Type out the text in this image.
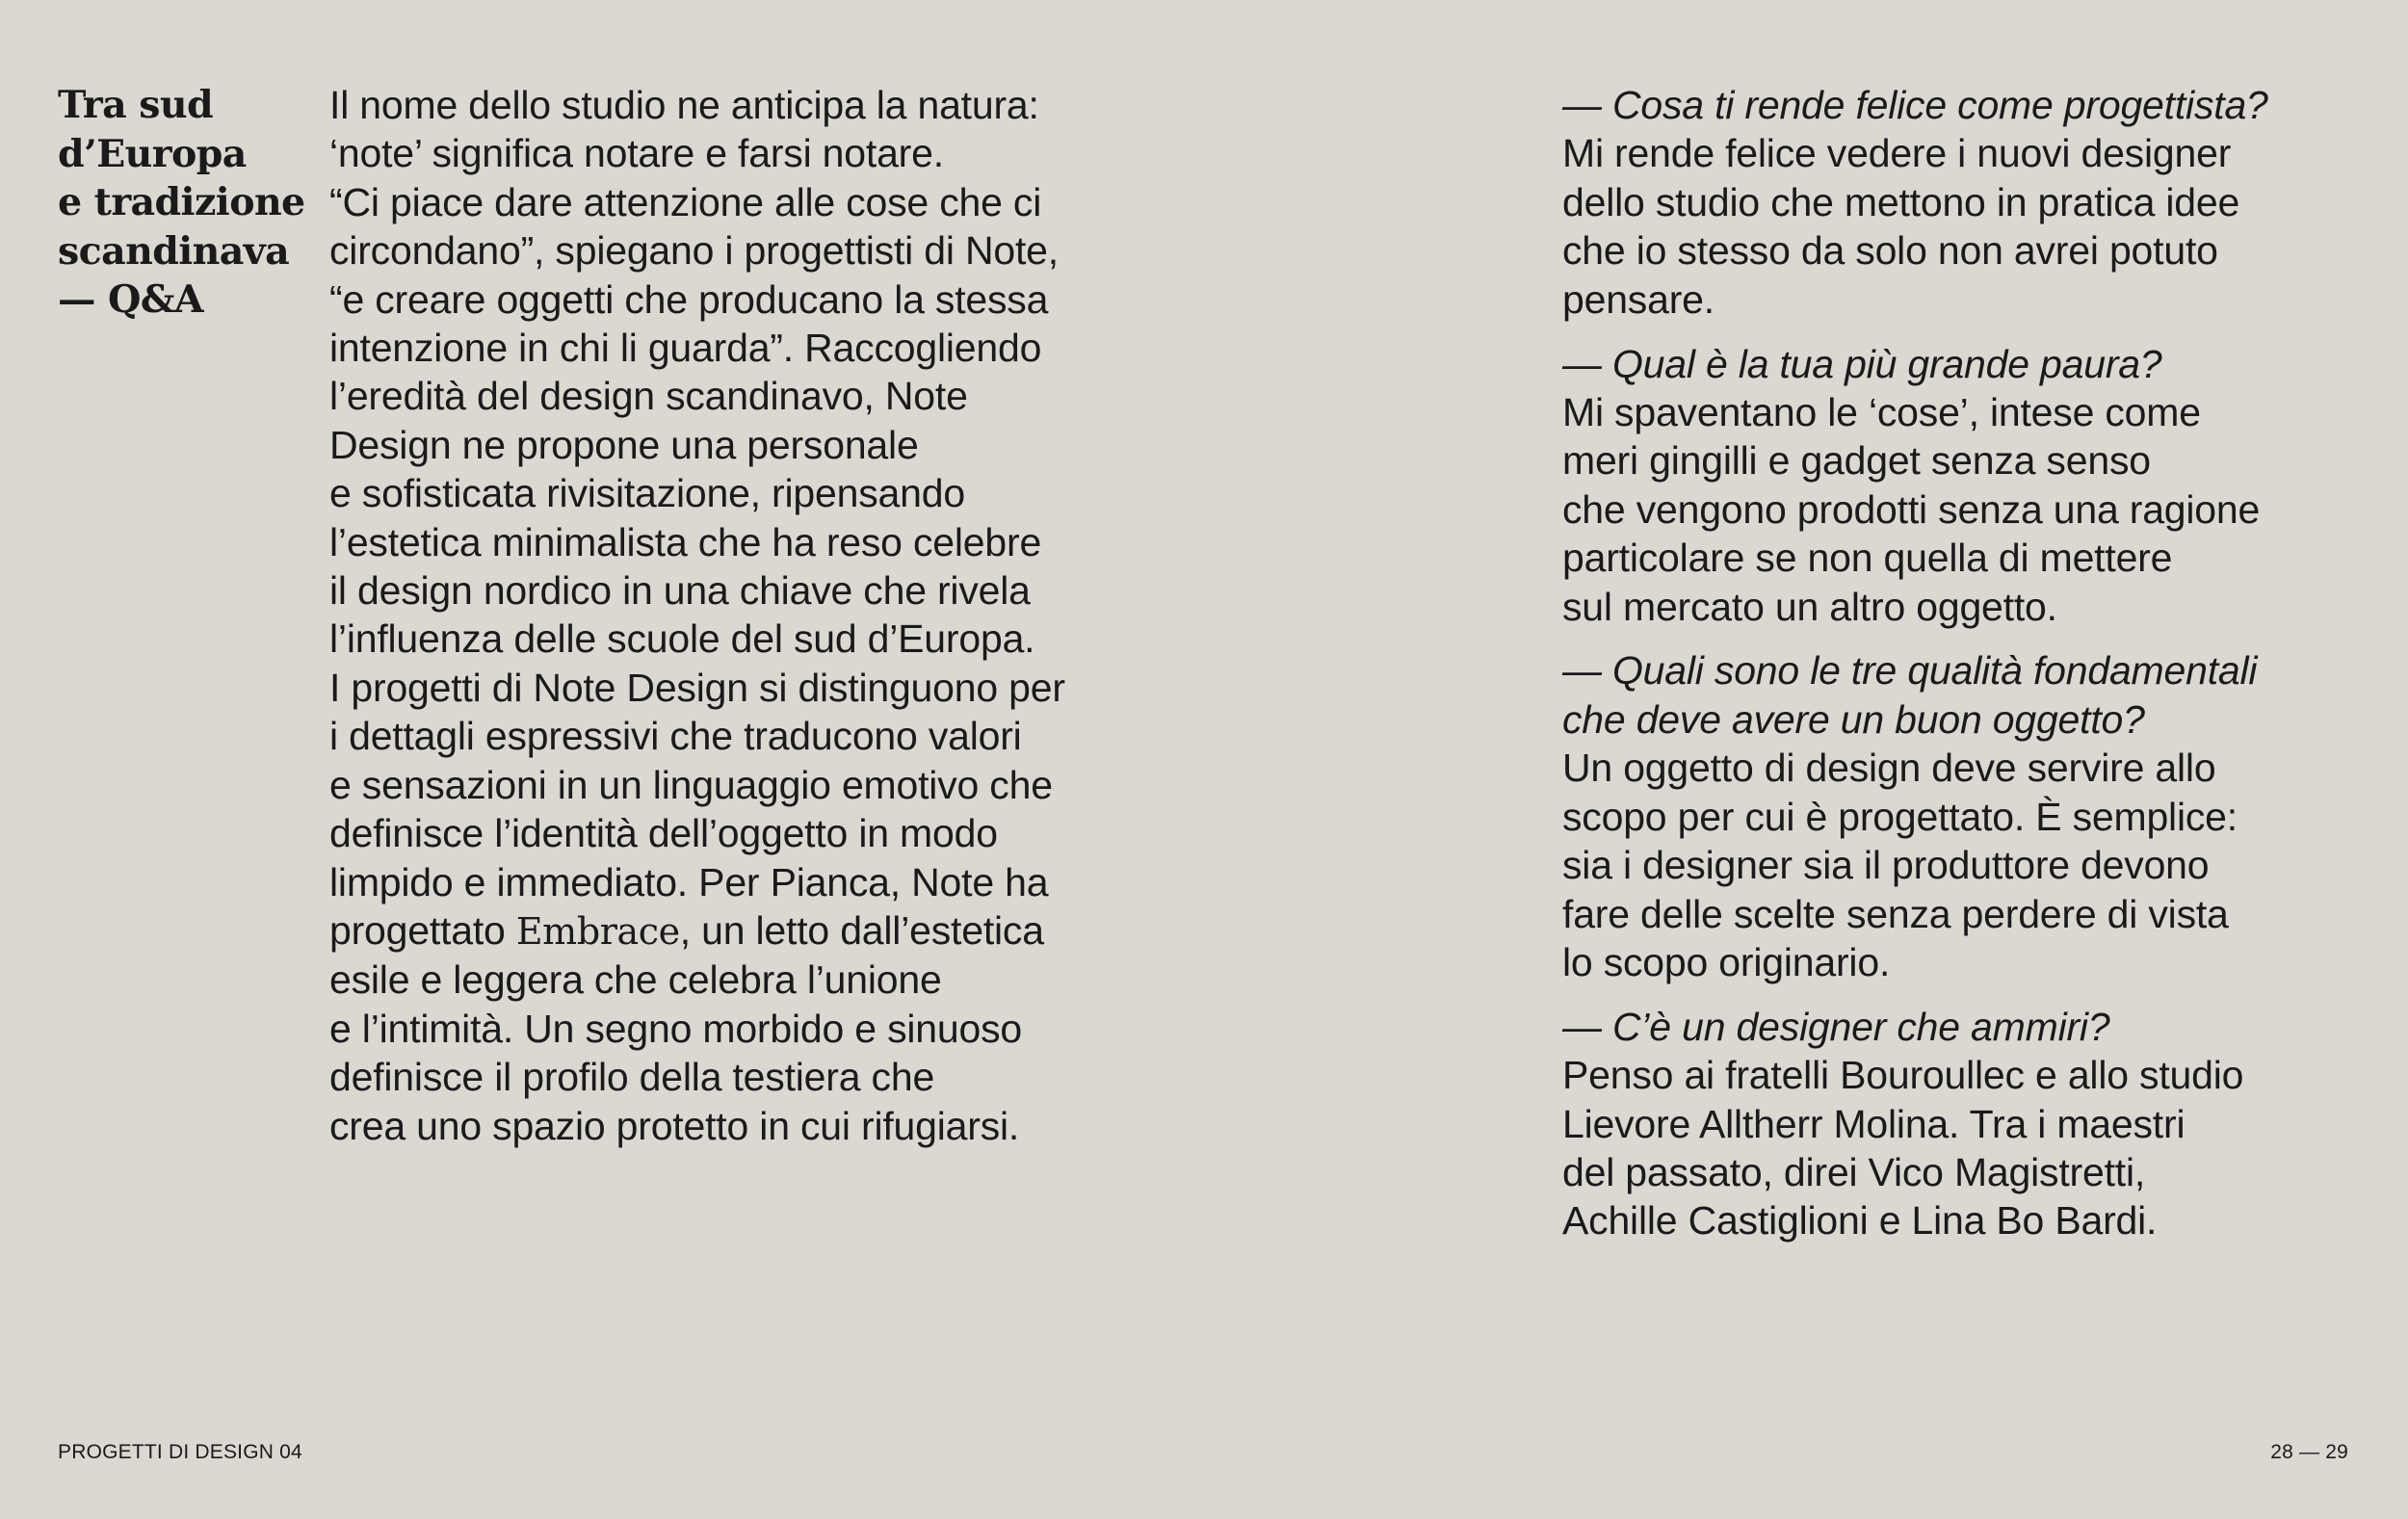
Tra sud
d’Europa
e tradizione
scandinava
— Q&A
Il nome dello studio ne anticipa la natura:
‘note’ significa notare e farsi notare.
“Ci piace dare attenzione alle cose che ci
circondano”, spiegano i progettisti di Note,
“e creare oggetti che producano la stessa
intenzione in chi li guarda”. Raccogliendo
l’eredità del design scandinavo, Note
Design ne propone una personale
e sofisticata rivisitazione, ripensando
l’estetica minimalista che ha reso celebre
il design nordico in una chiave che rivela
l’influenza delle scuole del sud d’Europa.
I progetti di Note Design si distinguono per
i dettagli espressivi che traducono valori
e sensazioni in un linguaggio emotivo che
definisce l’identità dell’oggetto in modo
limpido e immediato. Per Pianca, Note ha
progettato Embrace, un letto dall’estetica
esile e leggera che celebra l’unione
e l’intimità. Un segno morbido e sinuoso
definisce il profilo della testiera che
crea uno spazio protetto in cui rifugiarsi.
— Cosa ti rende felice come progettista?
Mi rende felice vedere i nuovi designer
dello studio che mettono in pratica idee
che io stesso da solo non avrei potuto
pensare.
— Qual è la tua più grande paura?
Mi spaventano le ‘cose’, intese come
meri gingilli e gadget senza senso
che vengono prodotti senza una ragione
particolare se non quella di mettere
sul mercato un altro oggetto.
— Quali sono le tre qualità fondamentali
che deve avere un buon oggetto?
Un oggetto di design deve servire allo
scopo per cui è progettato. È semplice:
sia i designer sia il produttore devono
fare delle scelte senza perdere di vista
lo scopo originario.
— C’è un designer che ammiri?
Penso ai fratelli Bouroullec e allo studio
Lievore Alltherr Molina. Tra i maestri
del passato, direi Vico Magistretti,
Achille Castiglioni e Lina Bo Bardi.
PROGETTI DI DESIGN 04	28 — 29
